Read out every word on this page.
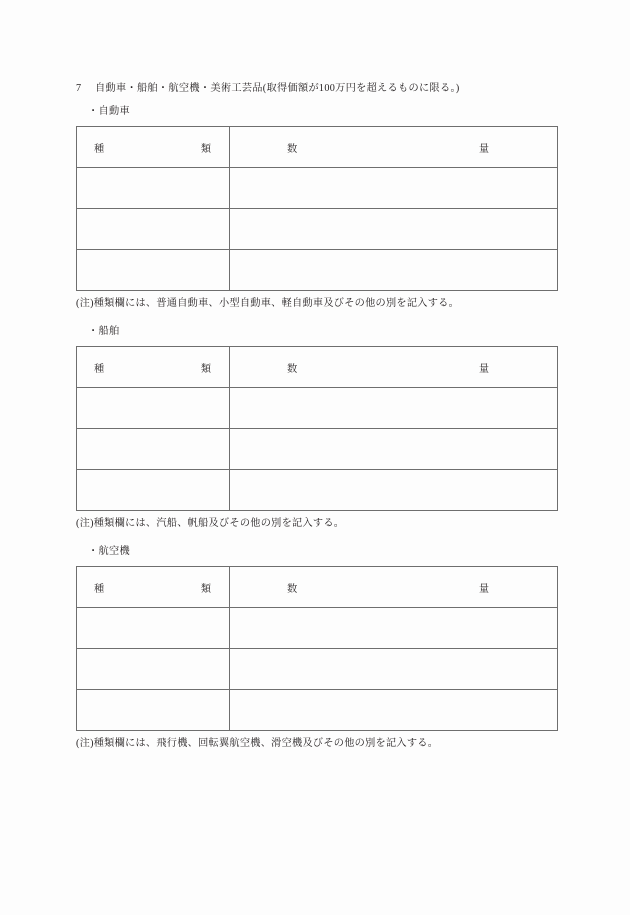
7	自動車・船舶・航空機・美術工芸品(取得価額が100万円を超えるものに限る。)
・自動車
種 類	数 量

(注)種類欄には、普通自動車、小型自動車、軽自動車及びその他の別を記入する。
・船舶
種 類	数 量

(注)種類欄には、汽船、帆船及びその他の別を記入する。
・航空機
種 類	数 量

(注)種類欄には、飛行機、回転翼航空機、滑空機及びその他の別を記入する。
